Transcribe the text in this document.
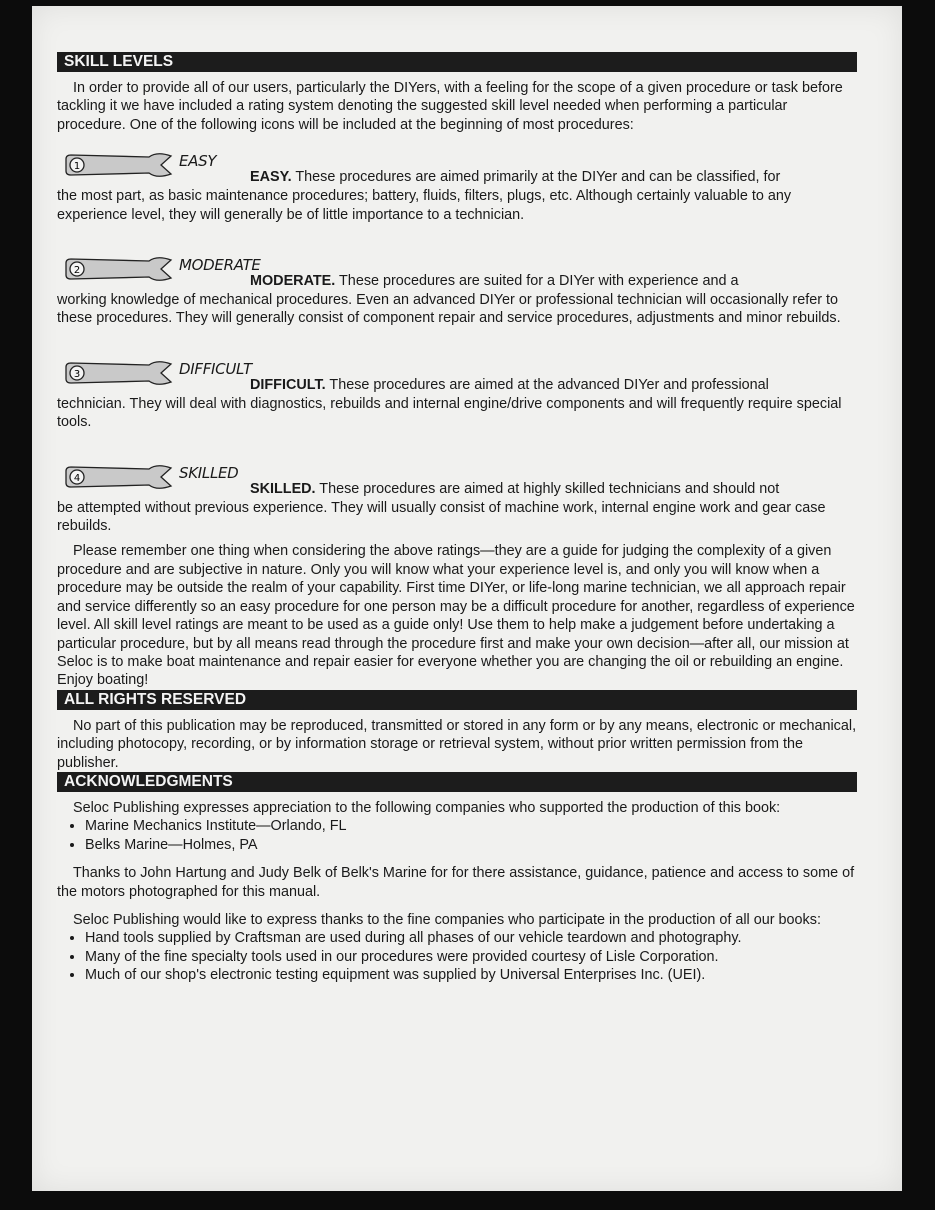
SKILL LEVELS

In order to provide all of our users, particularly the DIYers, with a feeling for the scope of a given procedure or task before tackling it we have included a rating system denoting the suggested skill level needed when performing a particular procedure. One of the following icons will be included at the beginning of most procedures:

1	EASY
EASY. These procedures are aimed primarily at the DIYer and can be classified, for

the most part, as basic maintenance procedures; battery, fluids, filters, plugs, etc. Although certainly valuable to any experience level, they will generally be of little importance to a technician.

2	MODERATE
MODERATE. These procedures are suited for a DIYer with experience and a

working knowledge of mechanical procedures. Even an advanced DIYer or professional technician will occasionally refer to these procedures. They will generally consist of component repair and service procedures, adjustments and minor rebuilds.

3	DIFFICULT
DIFFICULT. These procedures are aimed at the advanced DIYer and professional

technician. They will deal with diagnostics, rebuilds and internal engine/drive components and will frequently require special tools.

4	SKILLED
SKILLED. These procedures are aimed at highly skilled technicians and should not

be attempted without previous experience. They will usually consist of machine work, internal engine work and gear case rebuilds.

Please remember one thing when considering the above ratings—they are a guide for judging the complexity of a given procedure and are subjective in nature. Only you will know what your experience level is, and only you will know when a procedure may be outside the realm of your capability. First time DIYer, or life-long marine technician, we all approach repair and service differently so an easy procedure for one person may be a difficult procedure for another, regardless of experience level. All skill level ratings are meant to be used as a guide only! Use them to help make a judgement before undertaking a particular procedure, but by all means read through the procedure first and make your own decision—after all, our mission at Seloc is to make boat maintenance and repair easier for everyone whether you are changing the oil or rebuilding an engine. Enjoy boating!

ALL RIGHTS RESERVED

No part of this publication may be reproduced, transmitted or stored in any form or by any means, electronic or mechanical, including photocopy, recording, or by information storage or retrieval system, without prior written permission from the publisher.

ACKNOWLEDGMENTS

Seloc Publishing expresses appreciation to the following companies who supported the production of this book:

• Marine Mechanics Institute—Orlando, FL
• Belks Marine—Holmes, PA

Thanks to John Hartung and Judy Belk of Belk's Marine for for there assistance, guidance, patience and access to some of the motors photographed for this manual.

Seloc Publishing would like to express thanks to the fine companies who participate in the production of all our books:

• Hand tools supplied by Craftsman are used during all phases of our vehicle teardown and photography.
• Many of the fine specialty tools used in our procedures were provided courtesy of Lisle Corporation.
• Much of our shop's electronic testing equipment was supplied by Universal Enterprises Inc. (UEI).
